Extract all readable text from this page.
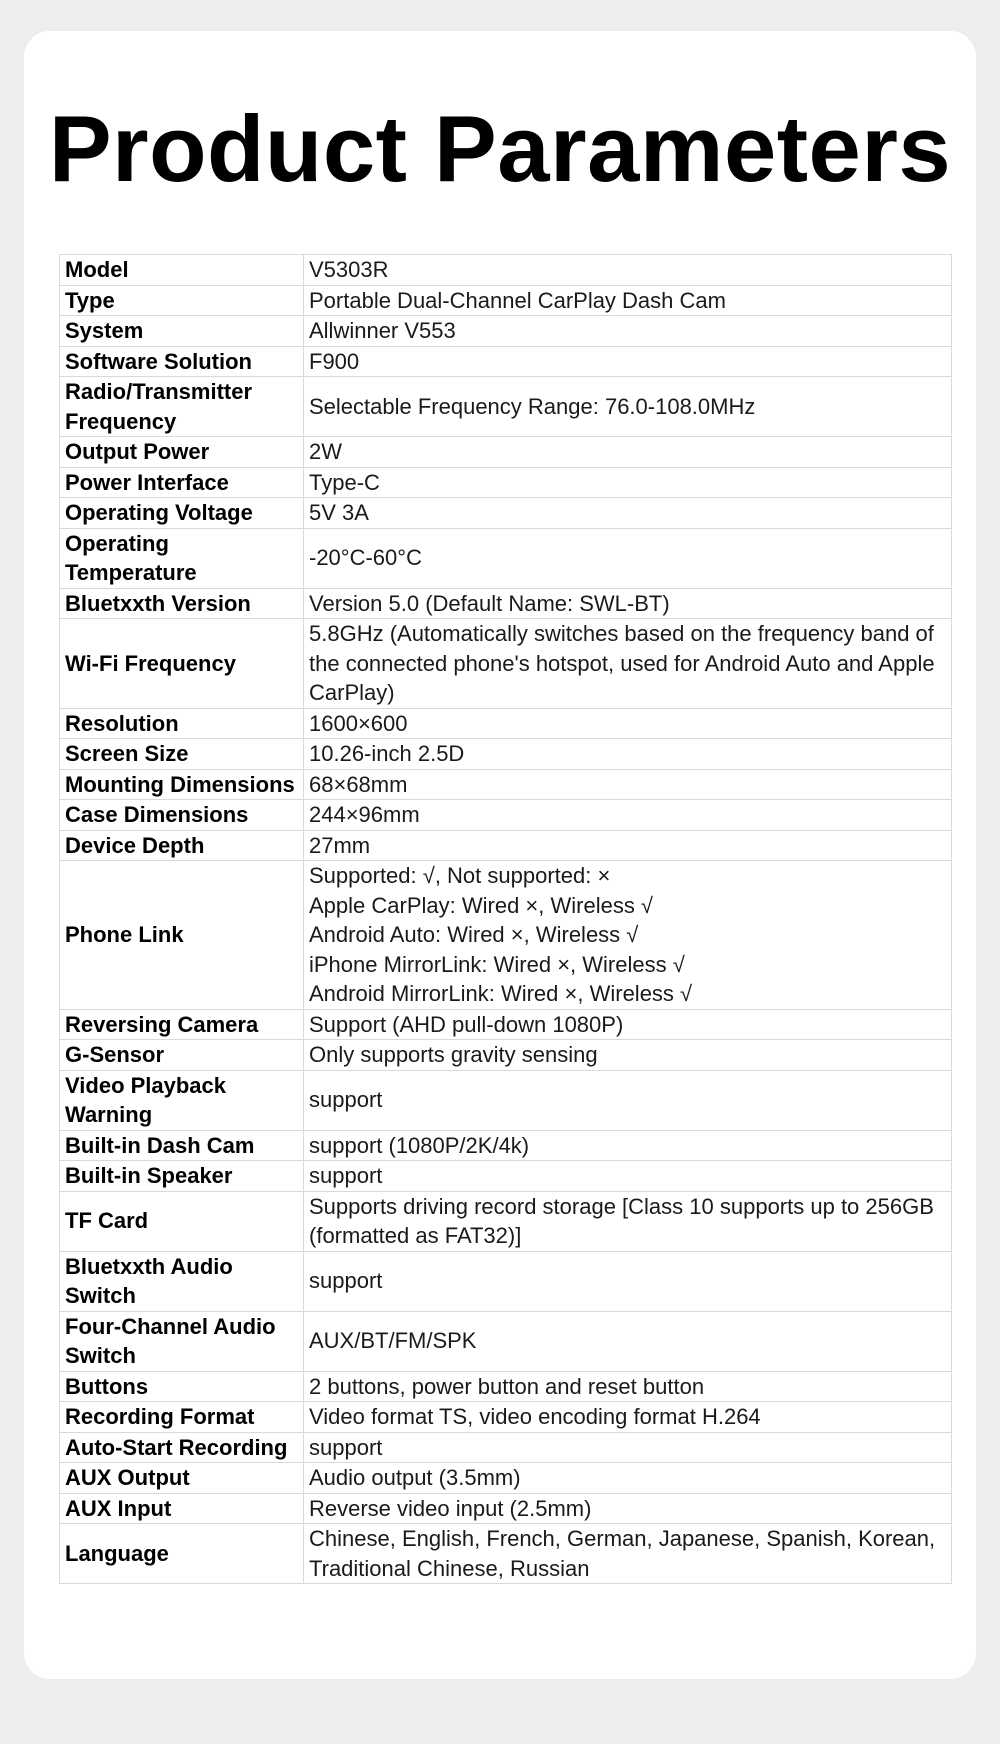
Product Parameters
Model	V5303R

Type	Portable Dual-Channel CarPlay Dash Cam

System	Allwinner V553

Software Solution	F900

Radio/Transmitter Frequency	Selectable Frequency Range: 76.0-108.0MHz

Output Power	2W

Power Interface	Type-C

Operating Voltage	5V 3A

Operating Temperature	-20°C-60°C

Bluetxxth Version	Version 5.0 (Default Name: SWL-BT)

Wi-Fi Frequency	5.8GHz (Automatically switches based on the frequency band of the connected phone's hotspot, used for Android Auto and Apple CarPlay)

Resolution	1600×600

Screen Size	10.26-inch 2.5D

Mounting Dimensions	68×68mm

Case Dimensions	244×96mm

Device Depth	27mm

Phone Link	Supported: √, Not supported: ×
Apple CarPlay: Wired ×, Wireless √
Android Auto: Wired ×, Wireless √
iPhone MirrorLink: Wired ×, Wireless √
Android MirrorLink: Wired ×, Wireless √

Reversing Camera	Support (AHD pull-down 1080P)

G-Sensor	Only supports gravity sensing

Video Playback Warning	support

Built-in Dash Cam	support (1080P/2K/4k)

Built-in Speaker	support

TF Card	Supports driving record storage [Class 10 supports up to 256GB (formatted as FAT32)]

Bluetxxth Audio Switch	support

Four-Channel Audio Switch	AUX/BT/FM/SPK

Buttons	2 buttons, power button and reset button

Recording Format	Video format TS, video encoding format H.264

Auto-Start Recording	support

AUX Output	Audio output (3.5mm)

AUX Input	Reverse video input (2.5mm)

Language	Chinese, English, French, German, Japanese, Spanish, Korean, Traditional Chinese, Russian
